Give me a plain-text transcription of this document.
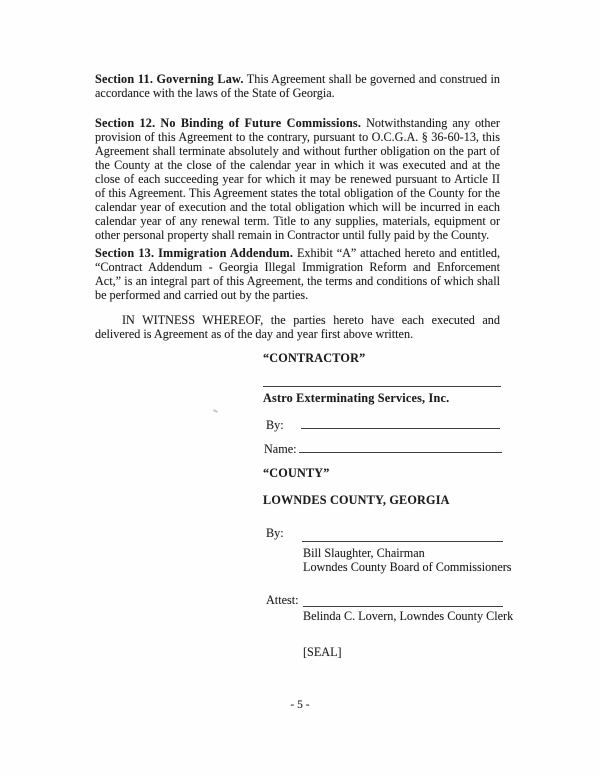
Section 11. Governing Law. This Agreement shall be governed and construed in accordance with the laws of the State of Georgia.

Section 12. No Binding of Future Commissions. Notwithstanding any other provision of this Agreement to the contrary, pursuant to O.C.G.A. § 36-60-13, this Agreement shall terminate absolutely and without further obligation on the part of the County at the close of the calendar year in which it was executed and at the close of each succeeding year for which it may be renewed pursuant to Article II of this Agreement. This Agreement states the total obligation of the County for the calendar year of execution and the total obligation which will be incurred in each calendar year of any renewal term. Title to any supplies, materials, equipment or other personal property shall remain in Contractor until fully paid by the County.

Section 13. Immigration Addendum. Exhibit “A” attached hereto and entitled, “Contract Addendum - Georgia Illegal Immigration Reform and Enforcement Act,” is an integral part of this Agreement, the terms and conditions of which shall be performed and carried out by the parties.

IN WITNESS WHEREOF, the parties hereto have each executed and delivered is Agreement as of the day and year first above written.

“CONTRACTOR”
Astro Exterminating Services, Inc.
By:
Name:
“COUNTY”
LOWNDES COUNTY, GEORGIA
By:
Bill Slaughter, Chairman
Lowndes County Board of Commissioners
Attest:
Belinda C. Lovern, Lowndes County Clerk
[SEAL]
- 5 -
